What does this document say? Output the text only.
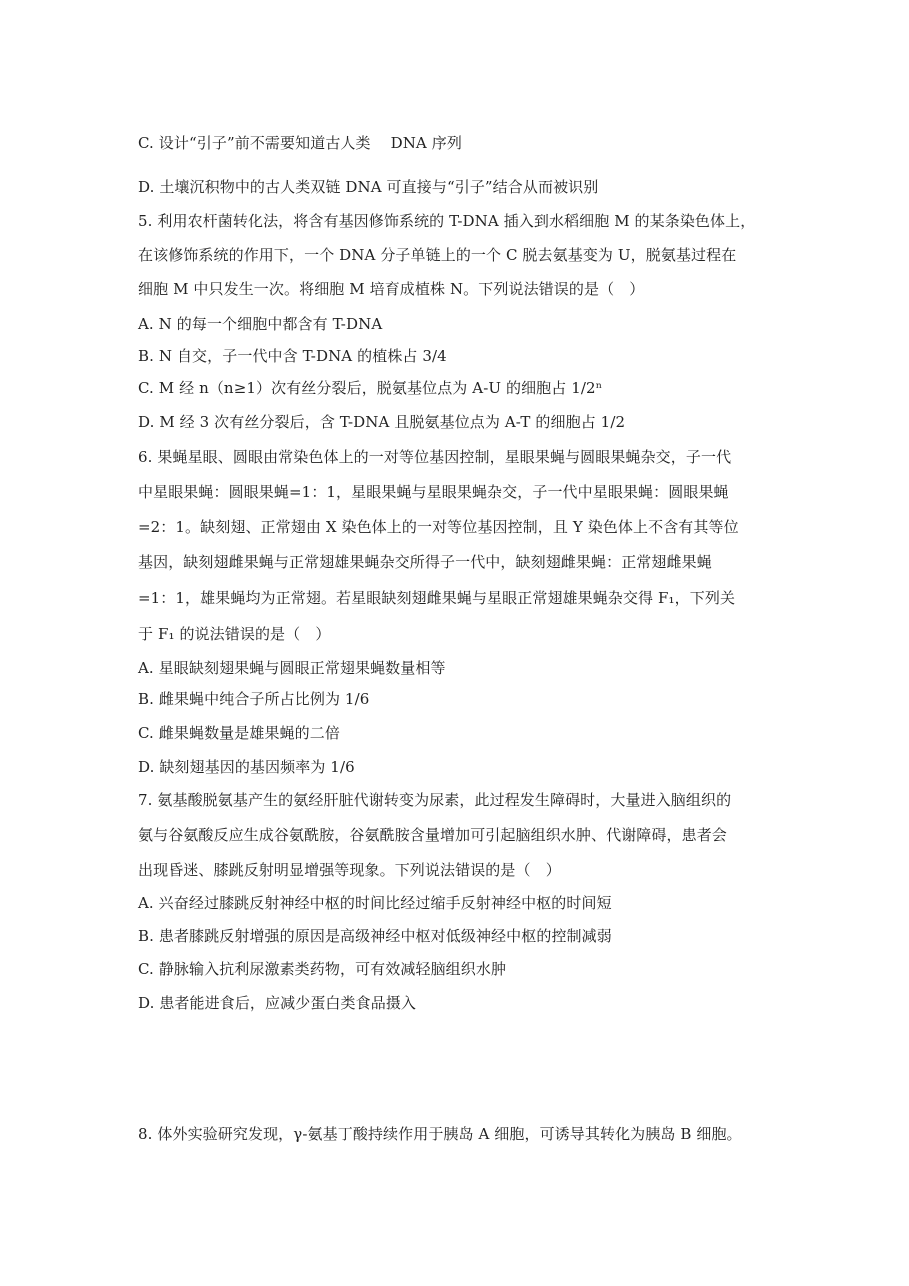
C. 设计“引子”前不需要知道古人类　 DNA 序列
D. 土壤沉积物中的古人类双链 DNA 可直接与“引子”结合从而被识别
5. 利用农杆菌转化法，将含有基因修饰系统的 T-DNA 插入到水稻细胞 M 的某条染色体上，
在该修饰系统的作用下，一个 DNA 分子单链上的一个 C 脱去氨基变为 U，脱氨基过程在
细胞 M 中只发生一次。将细胞 M 培育成植株 N。下列说法错误的是（　）
A. N 的每一个细胞中都含有 T-DNA
B. N 自交，子一代中含 T-DNA 的植株占 3/4
C. M 经 n（n≥1）次有丝分裂后，脱氨基位点为 A-U 的细胞占 1/2ⁿ
D. M 经 3 次有丝分裂后，含 T-DNA 且脱氨基位点为 A-T 的细胞占 1/2
6. 果蝇星眼、圆眼由常染色体上的一对等位基因控制，星眼果蝇与圆眼果蝇杂交，子一代
中星眼果蝇：圆眼果蝇=1：1，星眼果蝇与星眼果蝇杂交，子一代中星眼果蝇：圆眼果蝇
=2：1。缺刻翅、正常翅由 X 染色体上的一对等位基因控制，且 Y 染色体上不含有其等位
基因，缺刻翅雌果蝇与正常翅雄果蝇杂交所得子一代中，缺刻翅雌果蝇：正常翅雌果蝇
=1：1，雄果蝇均为正常翅。若星眼缺刻翅雌果蝇与星眼正常翅雄果蝇杂交得 F₁，下列关
于 F₁ 的说法错误的是（　）
A. 星眼缺刻翅果蝇与圆眼正常翅果蝇数量相等
B. 雌果蝇中纯合子所占比例为 1/6
C. 雌果蝇数量是雄果蝇的二倍
D. 缺刻翅基因的基因频率为 1/6
7. 氨基酸脱氨基产生的氨经肝脏代谢转变为尿素，此过程发生障碍时，大量进入脑组织的
氨与谷氨酸反应生成谷氨酰胺，谷氨酰胺含量增加可引起脑组织水肿、代谢障碍，患者会
出现昏迷、膝跳反射明显增强等现象。下列说法错误的是（　）
A. 兴奋经过膝跳反射神经中枢的时间比经过缩手反射神经中枢的时间短
B. 患者膝跳反射增强的原因是高级神经中枢对低级神经中枢的控制减弱
C. 静脉输入抗利尿激素类药物，可有效减轻脑组织水肿
D. 患者能进食后，应减少蛋白类食品摄入
8. 体外实验研究发现，γ-氨基丁酸持续作用于胰岛 A 细胞，可诱导其转化为胰岛 B 细胞。
